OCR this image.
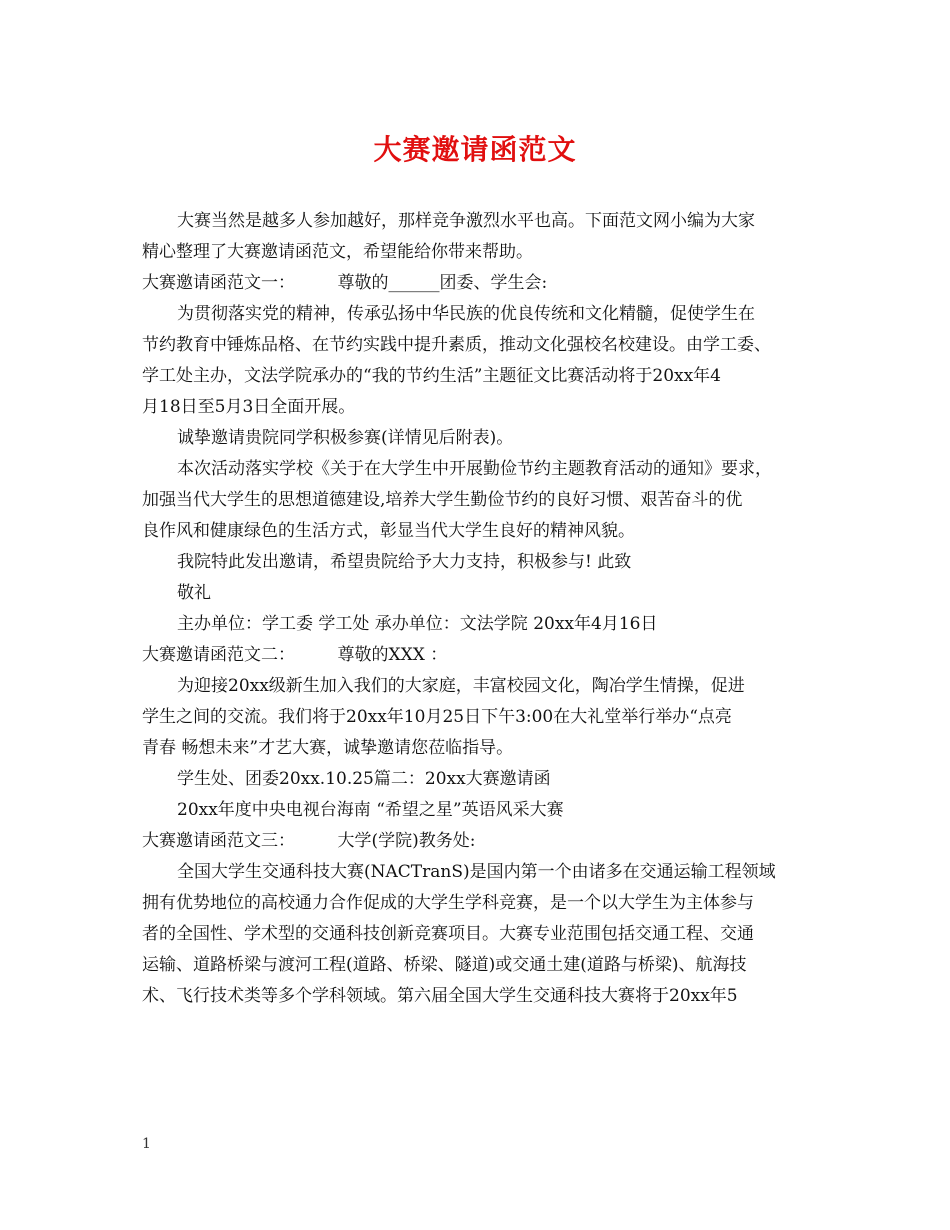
大赛邀请函范文
大赛当然是越多人参加越好，那样竞争激烈水平也高。下面范文网小编为大家
精心整理了大赛邀请函范文，希望能给你带来帮助。
大赛邀请函范文一：　　　尊敬的______团委、学生会:
为贯彻落实党的精神，传承弘扬中华民族的优良传统和文化精髓，促使学生在
节约教育中锤炼品格、在节约实践中提升素质，推动文化强校名校建设。由学工委、
学工处主办，文法学院承办的“我的节约生活”主题征文比赛活动将于20xx年4
月18日至5月3日全面开展。
诚挚邀请贵院同学积极参赛(详情见后附表)。
本次活动落实学校《关于在大学生中开展勤俭节约主题教育活动的通知》要求，
加强当代大学生的思想道德建设,培养大学生勤俭节约的良好习惯、艰苦奋斗的优
良作风和健康绿色的生活方式，彰显当代大学生良好的精神风貌。
我院特此发出邀请，希望贵院给予大力支持，积极参与! 此致
敬礼
主办单位：学工委 学工处 承办单位：文法学院 20xx年4月16日
大赛邀请函范文二：　　　尊敬的XXX ：
为迎接20xx级新生加入我们的大家庭，丰富校园文化，陶冶学生情操，促进
学生之间的交流。我们将于20xx年10月25日下午3:00在大礼堂举行举办“点亮
青春 畅想未来”才艺大赛，诚挚邀请您莅临指导。
学生处、团委20xx.10.25篇二：20xx大赛邀请函
20xx年度中央电视台海南 “希望之星”英语风采大赛
大赛邀请函范文三：　　　大学(学院)教务处:
全国大学生交通科技大赛(NACTranS)是国内第一个由诸多在交通运输工程领域
拥有优势地位的高校通力合作促成的大学生学科竞赛，是一个以大学生为主体参与
者的全国性、学术型的交通科技创新竞赛项目。大赛专业范围包括交通工程、交通
运输、道路桥梁与渡河工程(道路、桥梁、隧道)或交通土建(道路与桥梁)、航海技
术、飞行技术类等多个学科领域。第六届全国大学生交通科技大赛将于20xx年5
1
